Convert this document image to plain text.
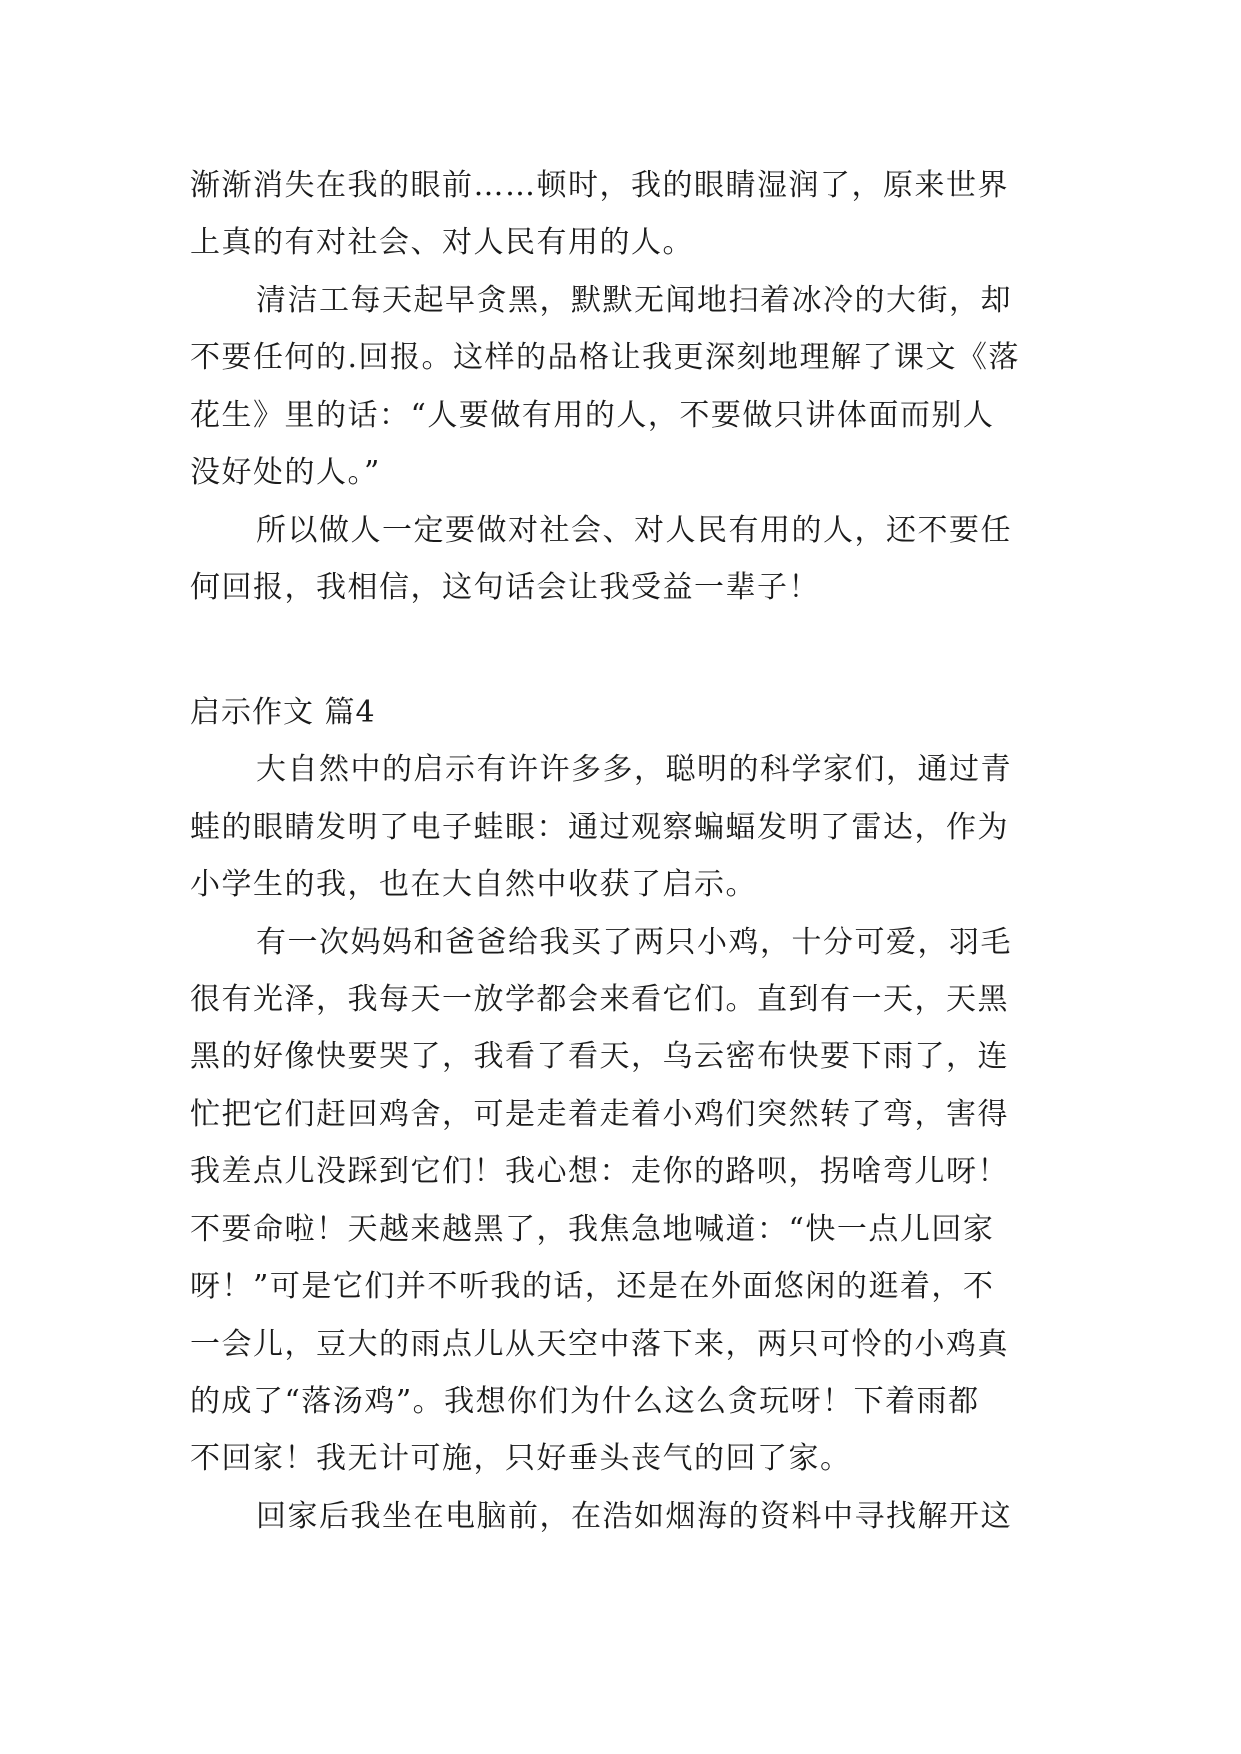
渐渐消失在我的眼前……顿时，我的眼睛湿润了，原来世界
上真的有对社会、对人民有用的人。
清洁工每天起早贪黑，默默无闻地扫着冰冷的大街，却
不要任何的.回报。这样的品格让我更深刻地理解了课文《落
花生》里的话：“人要做有用的人，不要做只讲体面而别人
没好处的人。”
所以做人一定要做对社会、对人民有用的人，还不要任
何回报，我相信，这句话会让我受益一辈子！
启示作文 篇4
大自然中的启示有许许多多，聪明的科学家们，通过青
蛙的眼睛发明了电子蛙眼：通过观察蝙蝠发明了雷达，作为
小学生的我，也在大自然中收获了启示。
有一次妈妈和爸爸给我买了两只小鸡，十分可爱，羽毛
很有光泽，我每天一放学都会来看它们。直到有一天，天黑
黑的好像快要哭了，我看了看天，乌云密布快要下雨了，连
忙把它们赶回鸡舍，可是走着走着小鸡们突然转了弯，害得
我差点儿没踩到它们！我心想：走你的路呗，拐啥弯儿呀！
不要命啦！天越来越黑了，我焦急地喊道：“快一点儿回家
呀！”可是它们并不听我的话，还是在外面悠闲的逛着，不
一会儿，豆大的雨点儿从天空中落下来，两只可怜的小鸡真
的成了“落汤鸡”。我想你们为什么这么贪玩呀！下着雨都
不回家！我无计可施，只好垂头丧气的回了家。
回家后我坐在电脑前，在浩如烟海的资料中寻找解开这
